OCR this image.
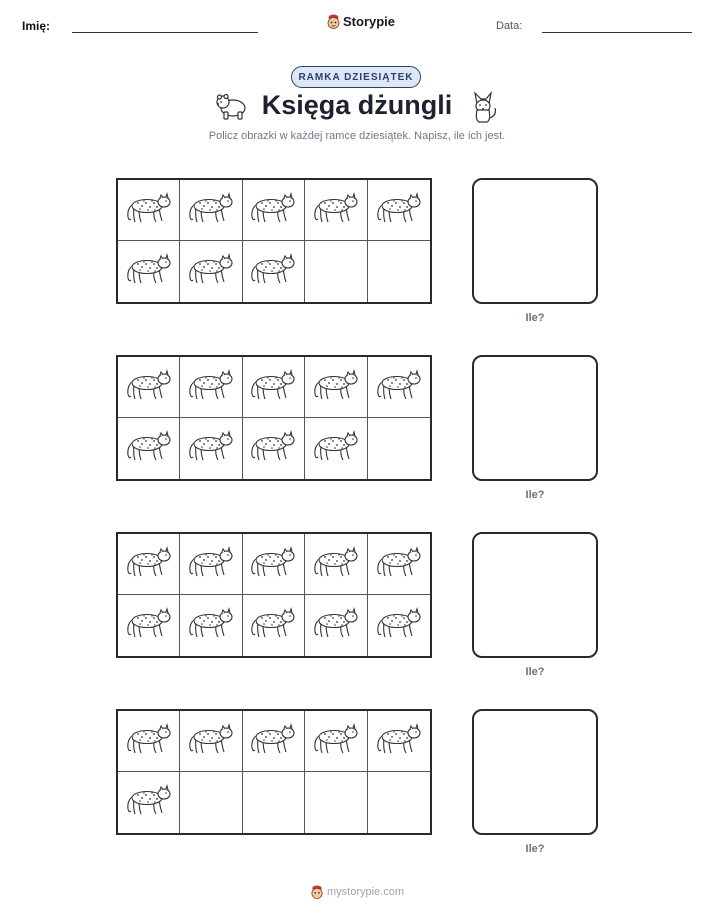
Imię:	Storypie	Data:
RAMKA DZIESIĄTEK
Księga dżungli
Policz obrazki w każdej ramce dziesiątek. Napisz, ile ich jest.
Ile?
Ile?
Ile?
Ile?
mystorypie.com
